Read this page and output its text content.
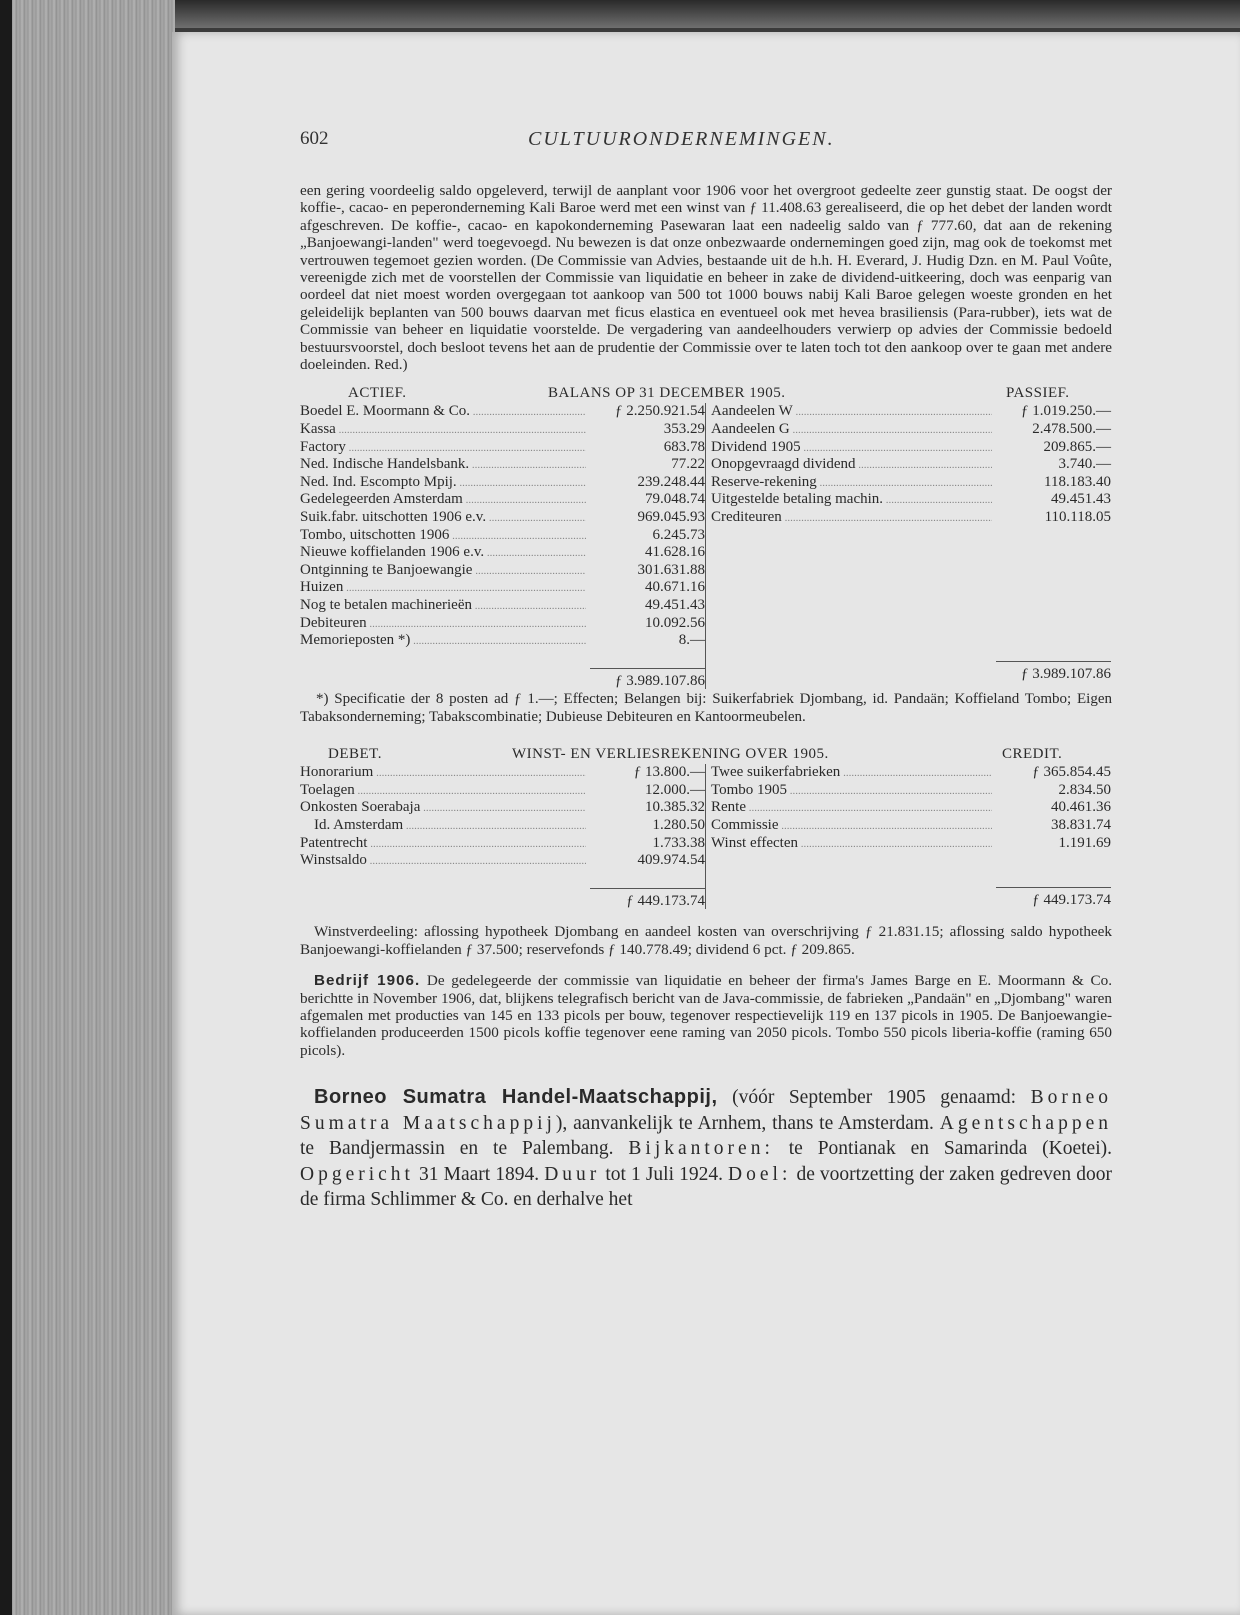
602	CULTUURONDERNEMINGEN.

een gering voordeelig saldo opgeleverd, terwijl de aanplant voor 1906 voor het overgroot gedeelte zeer gunstig staat. De oogst der koffie-, cacao- en peperonderneming Kali Baroe werd met een winst van ƒ 11.408.63 gerealiseerd, die op het debet der landen wordt afgeschreven. De koffie-, cacao- en kapokonderneming Pasewaran laat een nadeelig saldo van ƒ 777.60, dat aan de rekening „Banjoewangi-landen" werd toegevoegd. Nu bewezen is dat onze onbezwaarde ondernemingen goed zijn, mag ook de toekomst met vertrouwen tegemoet gezien worden. (De Commissie van Advies, bestaande uit de h.h. H. Everard, J. Hudig Dzn. en M. Paul Voûte, vereenigde zich met de voorstellen der Commissie van liquidatie en beheer in zake de dividend-uitkeering, doch was eenparig van oordeel dat niet moest worden overgegaan tot aankoop van 500 tot 1000 bouws nabij Kali Baroe gelegen woeste gronden en het geleidelijk beplanten van 500 bouws daarvan met ficus elastica en eventueel ook met hevea brasiliensis (Para-rubber), iets wat de Commissie van beheer en liquidatie voorstelde. De vergadering van aandeelhouders verwierp op advies der Commissie bedoeld bestuursvoorstel, doch besloot tevens het aan de prudentie der Commissie over te laten toch tot den aankoop over te gaan met andere doeleinden. Red.)

ACTIEF.	BALANS OP 31 DECEMBER 1905.	PASSIEF.
Boedel E. Moormann & Co. .....	ƒ 2.250.921.54
Kassa .....	353.29
Factory .....	683.78
Ned. Indische Handelsbank. .....	77.22
Ned. Ind. Escompto Mpij. .....	239.248.44
Gedelegeerden Amsterdam .....	79.048.74
Suik.fabr. uitschotten 1906 e.v. .....	969.045.93
Tombo, uitschotten 1906 .....	6.245.73
Nieuwe koffielanden 1906 e.v. .....	41.628.16
Ontginning te Banjoewangie .....	301.631.88
Huizen .....	40.671.16
Nog te betalen machinerieën .....	49.451.43
Debiteuren .....	10.092.56
Memorieposten *) .....	8.—
ƒ 3.989.107.86
Aandeelen W .....	ƒ 1.019.250.—
Aandeelen G .....	2.478.500.—
Dividend 1905 .....	209.865.—
Onopgevraagd dividend .....	3.740.—
Reserve-rekening .....	118.183.40
Uitgestelde betaling machin. .....	49.451.43
Crediteuren .....	110.118.05
ƒ 3.989.107.86

*) Specificatie der 8 posten ad ƒ 1.—; Effecten; Belangen bij: Suikerfabriek Djombang, id. Pandaän; Koffieland Tombo; Eigen Tabaksonderneming; Tabakscombinatie; Dubieuse Debiteuren en Kantoormeubelen.

DEBET.	WINST- EN VERLIESREKENING OVER 1905.	CREDIT.
Honorarium .....	ƒ 13.800.—
Toelagen .....	12.000.—
Onkosten Soerabaja .....	10.385.32
Id. Amsterdam .....	1.280.50
Patentrecht .....	1.733.38
Winstsaldo .....	409.974.54
ƒ 449.173.74
Twee suikerfabrieken .....	ƒ 365.854.45
Tombo 1905 .....	2.834.50
Rente .....	40.461.36
Commissie .....	38.831.74
Winst effecten .....	1.191.69
ƒ 449.173.74

Winstverdeeling: aflossing hypotheek Djombang en aandeel kosten van overschrijving ƒ 21.831.15; aflossing saldo hypotheek Banjoewangi-koffielanden ƒ 37.500; reservefonds ƒ 140.778.49; dividend 6 pct. ƒ 209.865.

Bedrijf 1906. De gedelegeerde der commissie van liquidatie en beheer der firma's James Barge en E. Moormann & Co. berichtte in November 1906, dat, blijkens telegrafisch bericht van de Java-commissie, de fabrieken „Pandaän" en „Djombang" waren afgemalen met producties van 145 en 133 picols per bouw, tegenover respectievelijk 119 en 137 picols in 1905. De Banjoewangie-koffielanden produceerden 1500 picols koffie tegenover eene raming van 2050 picols. Tombo 550 picols liberia-koffie (raming 650 picols).

Borneo Sumatra Handel-Maatschappij, (vóór September 1905 genaamd: Borneo Sumatra Maatschappij), aanvankelijk te Arnhem, thans te Amsterdam. Agentschappen te Bandjermassin en te Palembang. Bijkantoren: te Pontianak en Samarinda (Koetei). Opgericht 31 Maart 1894. Duur tot 1 Juli 1924. Doel: de voortzetting der zaken gedreven door de firma Schlimmer & Co. en derhalve het
